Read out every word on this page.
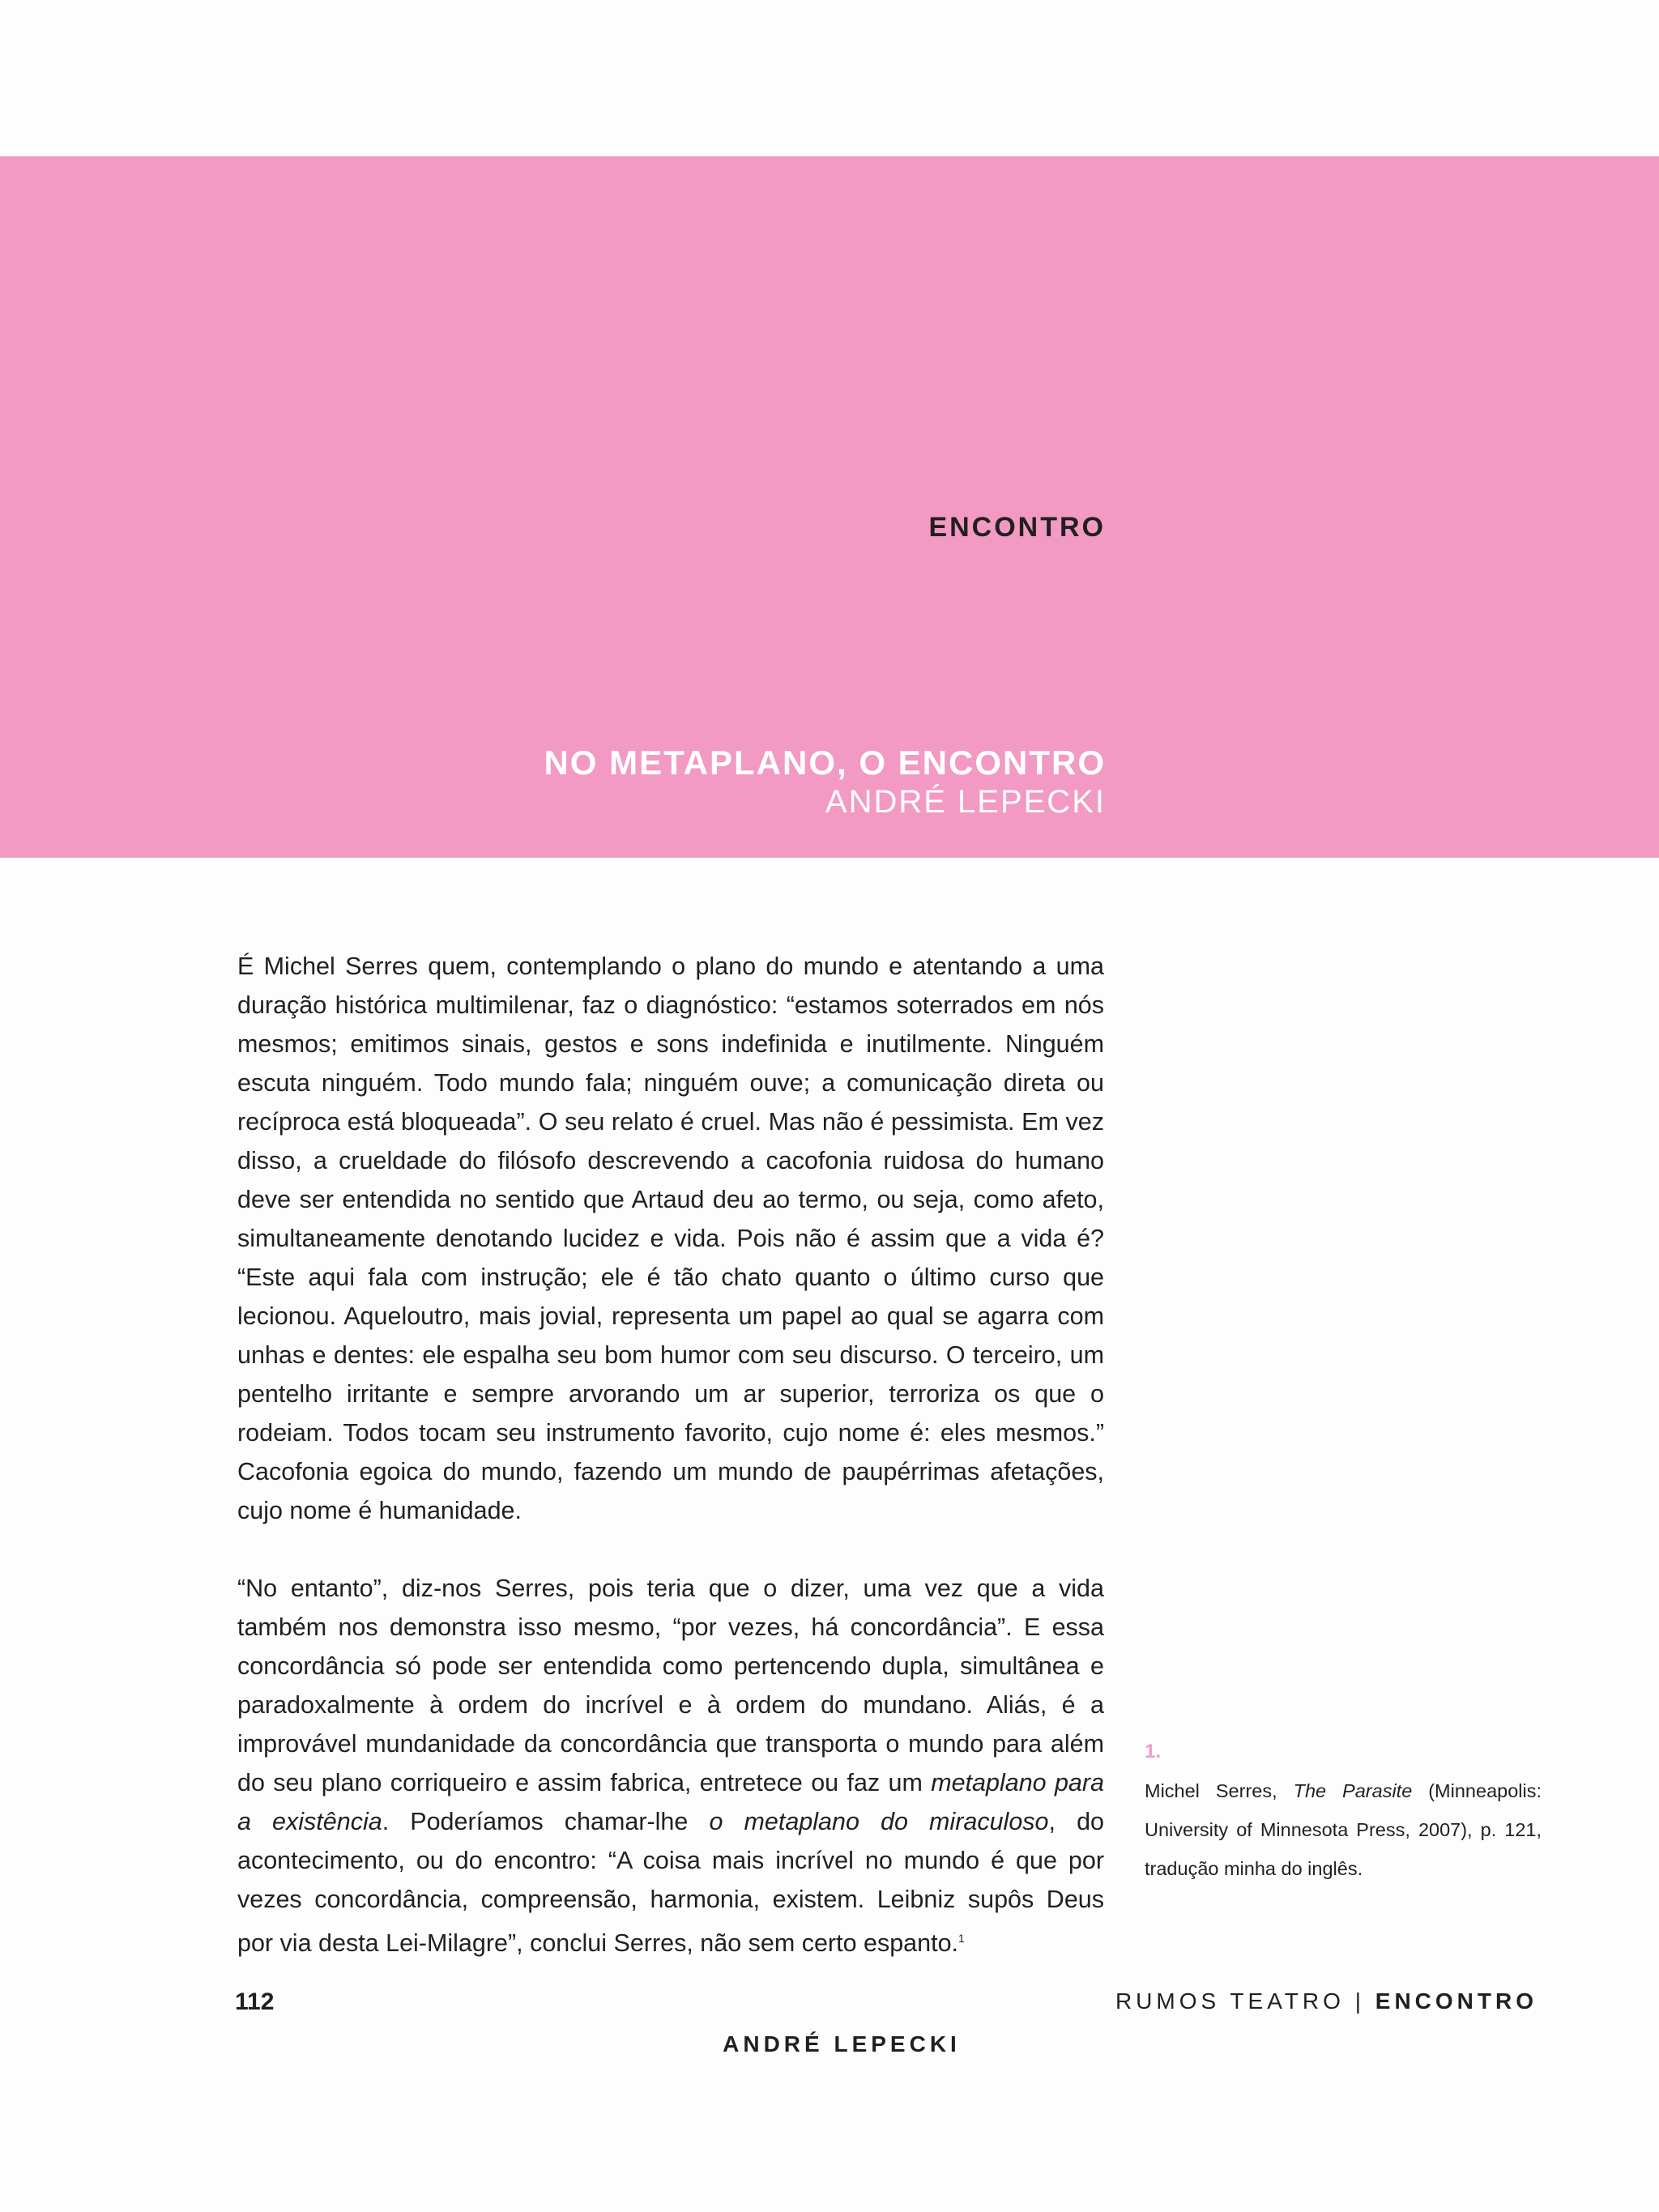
ENCONTRO
NO METAPLANO, O ENCONTRO
ANDRÉ LEPECKI

É Michel Serres quem, contemplando o plano do mundo e atentando a uma duração histórica multimilenar, faz o diagnóstico: “estamos soterrados em nós mesmos; emitimos sinais, gestos e sons indefinida e inutilmente. Ninguém escuta ninguém. Todo mundo fala; ninguém ouve; a comunicação direta ou recíproca está bloqueada”. O seu relato é cruel. Mas não é pessimista. Em vez disso, a crueldade do filósofo descrevendo a cacofonia ruidosa do humano deve ser entendida no sentido que Artaud deu ao termo, ou seja, como afeto, simultaneamente denotando lucidez e vida. Pois não é assim que a vida é? “Este aqui fala com instrução; ele é tão chato quanto o último curso que lecionou. Aqueloutro, mais jovial, representa um papel ao qual se agarra com unhas e dentes: ele espalha seu bom humor com seu discurso. O terceiro, um pentelho irritante e sempre arvorando um ar superior, terroriza os que o rodeiam. Todos tocam seu instrumento favorito, cujo nome é: eles mesmos.” Cacofonia egoica do mundo, fazendo um mundo de paupérrimas afetações, cujo nome é humanidade.

“No entanto”, diz-nos Serres, pois teria que o dizer, uma vez que a vida também nos demonstra isso mesmo, “por vezes, há concordância”. E essa concordância só pode ser entendida como pertencendo dupla, simultânea e paradoxalmente à ordem do incrível e à ordem do mundano. Aliás, é a improvável mundanidade da concordância que transporta o mundo para além do seu plano corriqueiro e assim fabrica, entretece ou faz um metaplano para a existência. Poderíamos chamar-lhe o metaplano do miraculoso, do acontecimento, ou do encontro: “A coisa mais incrível no mundo é que por vezes concordância, compreensão, harmonia, existem. Leibniz supôs Deus por via desta Lei-Milagre”, conclui Serres, não sem certo espanto.$^1$

1.
Michel Serres, The Parasite (Minneapolis: University of Minnesota Press, 2007), p. 121, tradução minha do inglês.
112	RUMOS TEATRO | ENCONTRO
ANDRÉ LEPECKI
